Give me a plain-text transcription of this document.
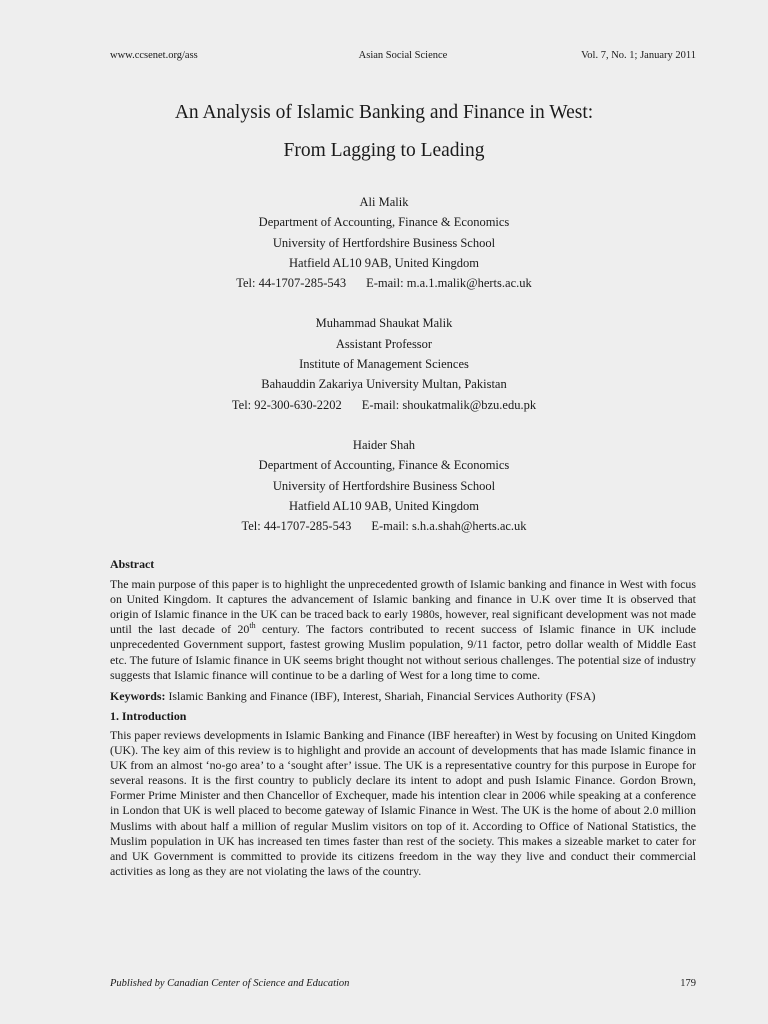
www.ccsenet.org/ass	Asian Social Science	Vol. 7, No. 1; January 2011
An Analysis of Islamic Banking and Finance in West:
From Lagging to Leading
Ali Malik
Department of Accounting, Finance & Economics
University of Hertfordshire Business School
Hatfield AL10 9AB, United Kingdom
Tel: 44-1707-285-543 E-mail: m.a.1.malik@herts.ac.uk
Muhammad Shaukat Malik
Assistant Professor
Institute of Management Sciences
Bahauddin Zakariya University Multan, Pakistan
Tel: 92-300-630-2202 E-mail: shoukatmalik@bzu.edu.pk
Haider Shah
Department of Accounting, Finance & Economics
University of Hertfordshire Business School
Hatfield AL10 9AB, United Kingdom
Tel: 44-1707-285-543 E-mail: s.h.a.shah@herts.ac.uk

Abstract

The main purpose of this paper is to highlight the unprecedented growth of Islamic banking and finance in West with focus on United Kingdom. It captures the advancement of Islamic banking and finance in U.K over time It is observed that origin of Islamic finance in the UK can be traced back to early 1980s, however, real significant development was not made until the last decade of 20th century. The factors contributed to recent success of Islamic finance in UK include unprecedented Government support, fastest growing Muslim population, 9/11 factor, petro dollar wealth of Middle East etc. The future of Islamic finance in UK seems bright thought not without serious challenges. The potential size of industry suggests that Islamic finance will continue to be a darling of West for a long time to come.

Keywords: Islamic Banking and Finance (IBF), Interest, Shariah, Financial Services Authority (FSA)

1. Introduction

This paper reviews developments in Islamic Banking and Finance (IBF hereafter) in West by focusing on United Kingdom (UK). The key aim of this review is to highlight and provide an account of developments that has made Islamic finance in UK from an almost ‘no-go area’ to a ‘sought after’ issue. The UK is a representative country for this purpose in Europe for several reasons. It is the first country to publicly declare its intent to adopt and push Islamic Finance. Gordon Brown, Former Prime Minister and then Chancellor of Exchequer, made his intention clear in 2006 while speaking at a conference in London that UK is well placed to become gateway of Islamic Finance in West. The UK is the home of about 2.0 million Muslims with about half a million of regular Muslim visitors on top of it. According to Office of National Statistics, the Muslim population in UK has increased ten times faster than rest of the society. This makes a sizeable market to cater for and UK Government is committed to provide its citizens freedom in the way they live and conduct their commercial activities as long as they are not violating the laws of the country.

Published by Canadian Center of Science and Education	179
